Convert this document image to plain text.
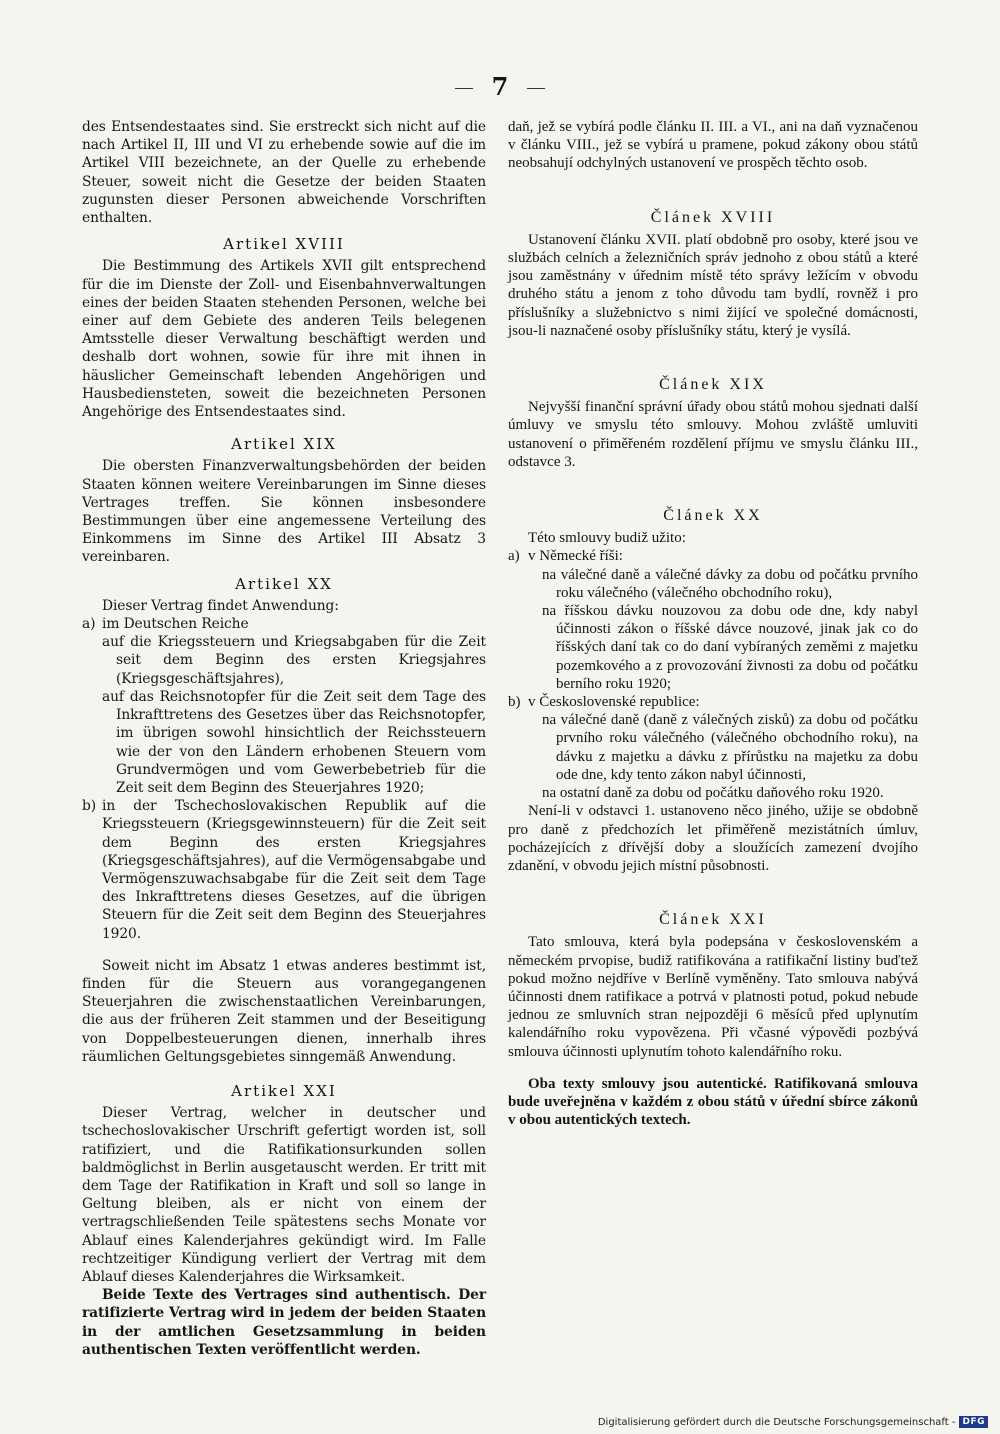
7

des Entsendestaates sind. Sie erstreckt sich nicht auf die nach Artikel II, III und VI zu erhebende sowie auf die im Artikel VIII bezeichnete, an der Quelle zu erhebende Steuer, soweit nicht die Gesetze der beiden Staaten zugunsten dieser Personen abweichende Vorschriften enthalten.

Artikel XVIII

Die Bestimmung des Artikels XVII gilt entsprechend für die im Dienste der Zoll- und Eisenbahnverwaltungen eines der beiden Staaten stehenden Personen, welche bei einer auf dem Gebiete des anderen Teils belegenen Amtsstelle dieser Verwaltung beschäftigt werden und deshalb dort wohnen, sowie für ihre mit ihnen in häuslicher Gemeinschaft lebenden Angehörigen und Hausbediensteten, soweit die bezeichneten Personen Angehörige des Entsendestaates sind.

Artikel XIX

Die obersten Finanzverwaltungsbehörden der beiden Staaten können weitere Vereinbarungen im Sinne dieses Vertrages treffen. Sie können insbesondere Bestimmungen über eine angemessene Verteilung des Einkommens im Sinne des Artikel III Absatz 3 vereinbaren.

Artikel XX

Dieser Vertrag findet Anwendung:

a) im Deutschen Reiche

auf die Kriegssteuern und Kriegsabgaben für die Zeit seit dem Beginn des ersten Kriegsjahres (Kriegsgeschäftsjahres),

auf das Reichsnotopfer für die Zeit seit dem Tage des Inkrafttretens des Gesetzes über das Reichsnotopfer, im übrigen sowohl hinsichtlich der Reichssteuern wie der von den Ländern erhobenen Steuern vom Grundvermögen und vom Gewerbebetrieb für die Zeit seit dem Beginn des Steuerjahres 1920;

b) in der Tschechoslovakischen Republik auf die Kriegssteuern (Kriegsgewinnsteuern) für die Zeit seit dem Beginn des ersten Kriegsjahres (Kriegsgeschäftsjahres), auf die Vermögensabgabe und Vermögenszuwachsabgabe für die Zeit seit dem Tage des Inkrafttretens dieses Gesetzes, auf die übrigen Steuern für die Zeit seit dem Beginn des Steuerjahres 1920.

Soweit nicht im Absatz 1 etwas anderes bestimmt ist, finden für die Steuern aus vorangegangenen Steuerjahren die zwischenstaatlichen Vereinbarungen, die aus der früheren Zeit stammen und der Beseitigung von Doppelbesteuerungen dienen, innerhalb ihres räumlichen Geltungsgebietes sinngemäß Anwendung.

Artikel XXI

Dieser Vertrag, welcher in deutscher und tschechoslovakischer Urschrift gefertigt worden ist, soll ratifiziert, und die Ratifikationsurkunden sollen baldmöglichst in Berlin ausgetauscht werden. Er tritt mit dem Tage der Ratifikation in Kraft und soll so lange in Geltung bleiben, als er nicht von einem der vertragschließenden Teile spätestens sechs Monate vor Ablauf eines Kalenderjahres gekündigt wird. Im Falle rechtzeitiger Kündigung verliert der Vertrag mit dem Ablauf dieses Kalenderjahres die Wirksamkeit.

Beide Texte des Vertrages sind authentisch. Der ratifizierte Vertrag wird in jedem der beiden Staaten in der amtlichen Gesetzsammlung in beiden authentischen Texten veröffentlicht werden.

daň, jež se vybírá podle článku II. III. a VI., ani na daň vyznačenou v článku VIII., jež se vybírá u pramene, pokud zákony obou států neobsahují odchylných ustanovení ve prospěch těchto osob.

Článek XVIII

Ustanovení článku XVII. platí obdobně pro osoby, které jsou ve službách celních a železničních správ jednoho z obou států a které jsou zaměstnány v úřednim místě této správy ležícím v obvodu druhého státu a jenom z toho důvodu tam bydlí, rovněž i pro příslušníky a služebnictvo s nimi žijící ve společné domácnosti, jsou-li naznačené osoby příslušníky státu, který je vysílá.

Článek XIX

Nejvyšší finanční správní úřady obou států mohou sjednati další úmluvy ve smyslu této smlouvy. Mohou zvláště umluviti ustanovení o přiměřeném rozdělení příjmu ve smyslu článku III., odstavce 3.

Článek XX

Této smlouvy budiž užito:

a) v Německé říši:

na válečné daně a válečné dávky za dobu od počátku prvního roku válečného (válečného obchodního roku),

na říšskou dávku nouzovou za dobu ode dne, kdy nabyl účinnosti zákon o říšské dávce nouzové, jinak jak co do říšských daní tak co do daní vybíraných zeměmi z majetku pozemkového a z provozování živnosti za dobu od počátku berního roku 1920;

b) v Československé republice:

na válečné daně (daně z válečných zisků) za dobu od počátku prvního roku válečného (válečného obchodního roku), na dávku z majetku a dávku z přírůstku na majetku za dobu ode dne, kdy tento zákon nabyl účinnosti,

na ostatní daně za dobu od počátku daňového roku 1920.

Není-li v odstavci 1. ustanoveno něco jiného, užije se obdobně pro daně z předchozích let přiměřeně mezistátních úmluv, pocházejících z dřívější doby a sloužících zamezení dvojího zdanění, v obvodu jejich místní působnosti.

Článek XXI

Tato smlouva, která byla podepsána v československém a německém prvopise, budiž ratifikována a ratifikační listiny buďtež pokud možno nejdříve v Berlíně vyměněny. Tato smlouva nabývá účinnosti dnem ratifikace a potrvá v platnosti potud, pokud nebude jednou ze smluvních stran nejpozději 6 měsíců před uplynutím kalendářního roku vypovězena. Při včasné výpovědi pozbývá smlouva účinnosti uplynutím tohoto kalendářního roku.

Oba texty smlouvy jsou autentické. Ratifikovaná smlouva bude uveřejněna v každém z obou států v úřední sbírce zákonů v obou autentických textech.

Digitalisierung gefördert durch die Deutsche Forschungsgemeinschaft - DFG
